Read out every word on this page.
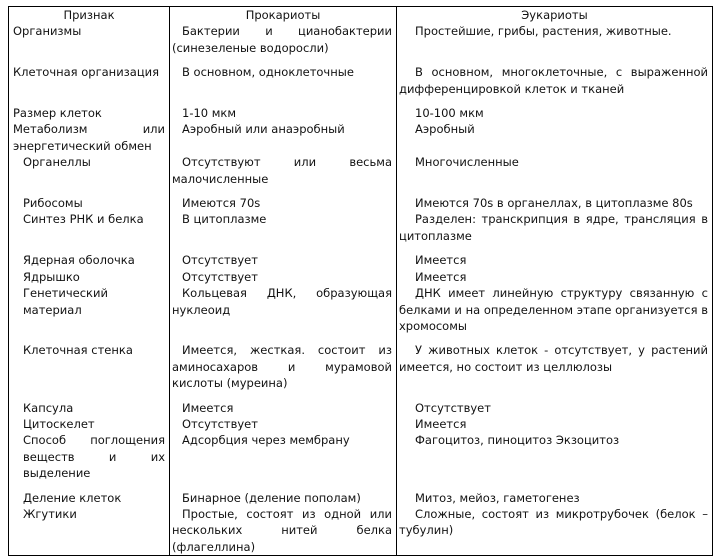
Признак	Прокариоты	Эукариоты
Организмы	Бактерии и цианобактерии (синезеленые водоросли)	Простейшие, грибы, растения, животные.
Клеточная организация	В основном, одноклеточные	В основном, многоклеточные, с выраженной дифференцировкой клеток и тканей
Размер клеток	1-10 мкм	10-100 мкм
Метаболизм или энергетический обмен	Аэробный или анаэробный	Аэробный
Органеллы	Отсутствуют или весьма малочисленные	Многочисленные
Рибосомы	Имеются 70s	Имеются 70s в органеллах, в цитоплазме 80s
Синтез РНК и белка	В цитоплазме	Разделен: транскрипция в ядре, трансляция в цитоплазме
Ядерная оболочка	Отсутствует	Имеется
Ядрышко	Отсутствует	Имеется
Генетический материал	Кольцевая ДНК, образующая нуклеоид	ДНК имеет линейную структуру связанную с белками и на определенном этапе организуется в хромосомы
Клеточная стенка	Имеется, жесткая. состоит из аминосахаров и мурамовой кислоты (муреина)	У животных клеток - отсутствует, у растений имеется, но состоит из целлюлозы
Капсула	Имеется	Отсутствует
Цитоскелет	Отсутствует	Имеется
Способ поглощения веществ и их выделение	Адсорбция через мембрану	Фагоцитоз, пиноцитоз Экзоцитоз
Деление клеток	Бинарное (деление пополам)	Митоз, мейоз, гаметогенез
Жгутики	Простые, состоят из одной или нескольких нитей белка (флагеллина)	Сложные, состоят из микротрубочек (белок – тубулин)
